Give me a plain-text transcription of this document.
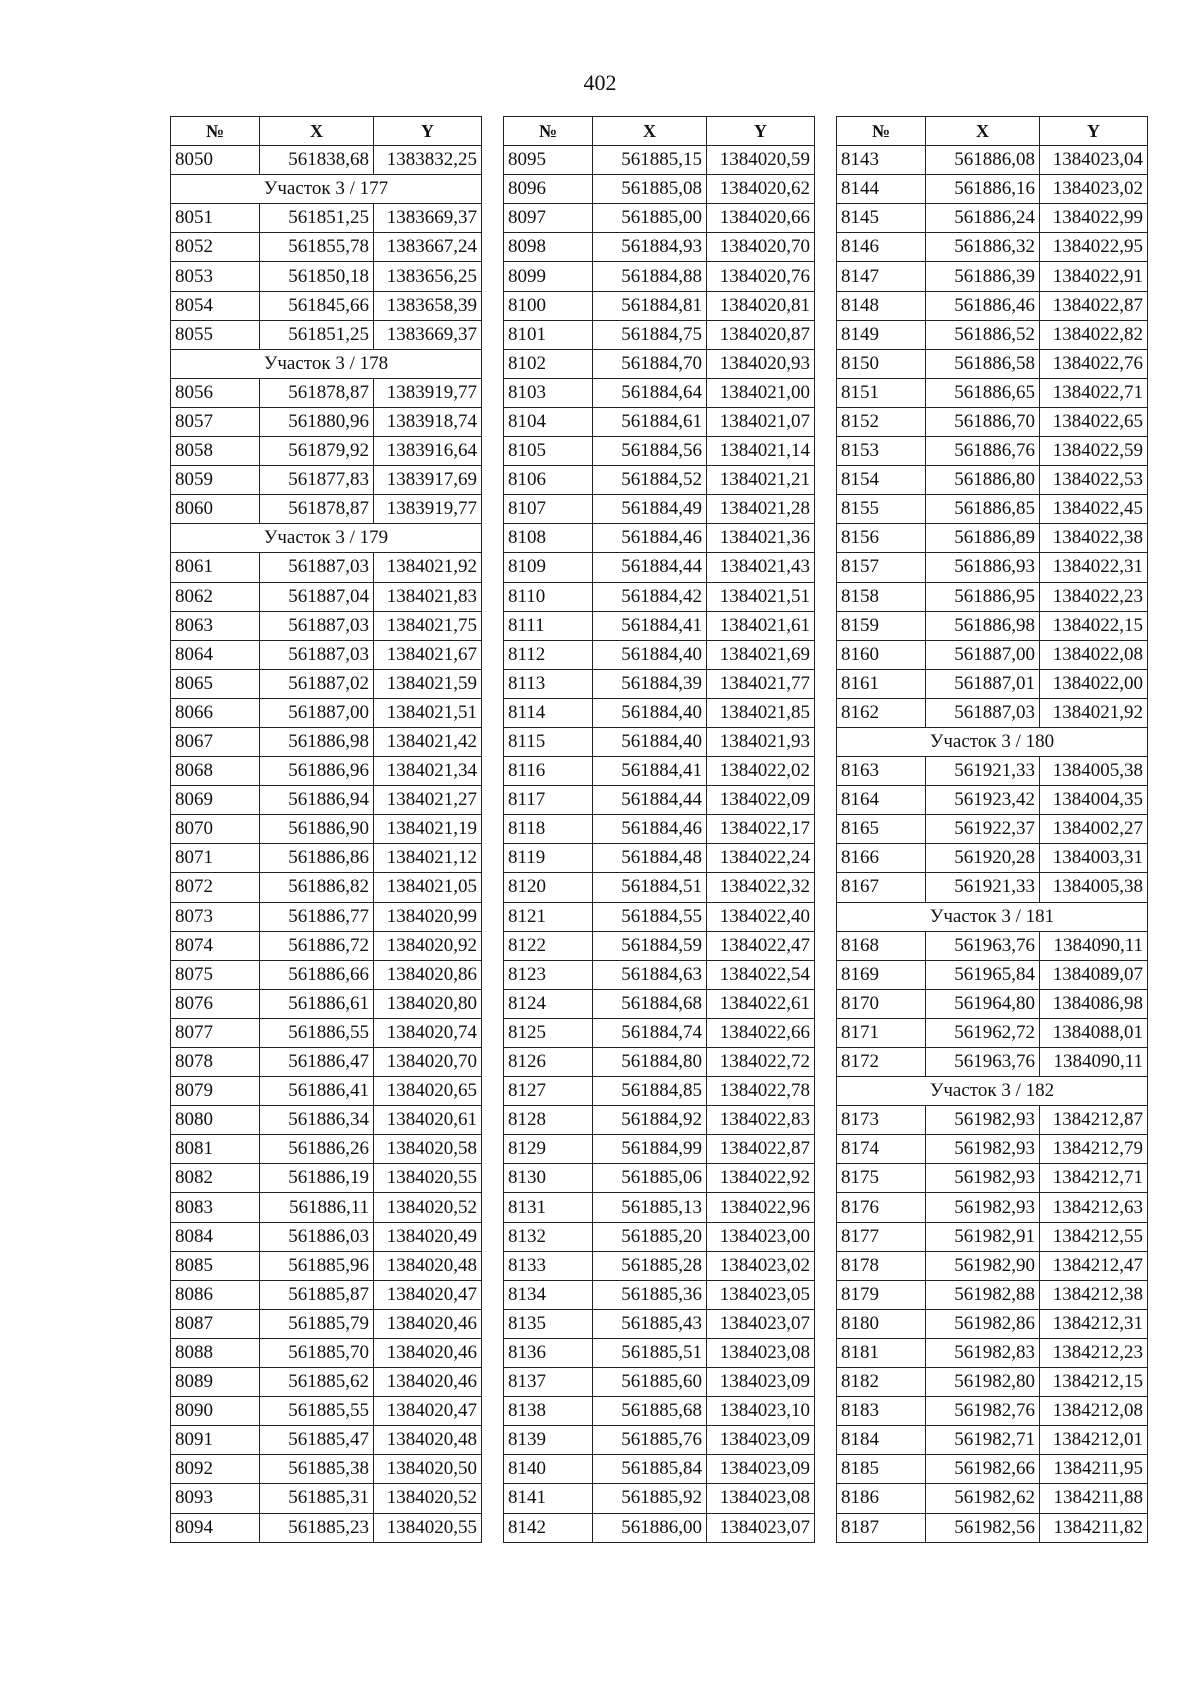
402
№	X	Y
8050	561838,68	1383832,25
Участок 3 / 177		
8051	561851,25	1383669,37
8052	561855,78	1383667,24
8053	561850,18	1383656,25
8054	561845,66	1383658,39
8055	561851,25	1383669,37
Участок 3 / 178		
8056	561878,87	1383919,77
8057	561880,96	1383918,74
8058	561879,92	1383916,64
8059	561877,83	1383917,69
8060	561878,87	1383919,77
Участок 3 / 179		
8061	561887,03	1384021,92
8062	561887,04	1384021,83
8063	561887,03	1384021,75
8064	561887,03	1384021,67
8065	561887,02	1384021,59
8066	561887,00	1384021,51
8067	561886,98	1384021,42
8068	561886,96	1384021,34
8069	561886,94	1384021,27
8070	561886,90	1384021,19
8071	561886,86	1384021,12
8072	561886,82	1384021,05
8073	561886,77	1384020,99
8074	561886,72	1384020,92
8075	561886,66	1384020,86
8076	561886,61	1384020,80
8077	561886,55	1384020,74
8078	561886,47	1384020,70
8079	561886,41	1384020,65
8080	561886,34	1384020,61
8081	561886,26	1384020,58
8082	561886,19	1384020,55
8083	561886,11	1384020,52
8084	561886,03	1384020,49
8085	561885,96	1384020,48
8086	561885,87	1384020,47
8087	561885,79	1384020,46
8088	561885,70	1384020,46
8089	561885,62	1384020,46
8090	561885,55	1384020,47
8091	561885,47	1384020,48
8092	561885,38	1384020,50
8093	561885,31	1384020,52
8094	561885,23	1384020,55
№	X	Y
8095	561885,15	1384020,59
8096	561885,08	1384020,62
8097	561885,00	1384020,66
8098	561884,93	1384020,70
8099	561884,88	1384020,76
8100	561884,81	1384020,81
8101	561884,75	1384020,87
8102	561884,70	1384020,93
8103	561884,64	1384021,00
8104	561884,61	1384021,07
8105	561884,56	1384021,14
8106	561884,52	1384021,21
8107	561884,49	1384021,28
8108	561884,46	1384021,36
8109	561884,44	1384021,43
8110	561884,42	1384021,51
8111	561884,41	1384021,61
8112	561884,40	1384021,69
8113	561884,39	1384021,77
8114	561884,40	1384021,85
8115	561884,40	1384021,93
8116	561884,41	1384022,02
8117	561884,44	1384022,09
8118	561884,46	1384022,17
8119	561884,48	1384022,24
8120	561884,51	1384022,32
8121	561884,55	1384022,40
8122	561884,59	1384022,47
8123	561884,63	1384022,54
8124	561884,68	1384022,61
8125	561884,74	1384022,66
8126	561884,80	1384022,72
8127	561884,85	1384022,78
8128	561884,92	1384022,83
8129	561884,99	1384022,87
8130	561885,06	1384022,92
8131	561885,13	1384022,96
8132	561885,20	1384023,00
8133	561885,28	1384023,02
8134	561885,36	1384023,05
8135	561885,43	1384023,07
8136	561885,51	1384023,08
8137	561885,60	1384023,09
8138	561885,68	1384023,10
8139	561885,76	1384023,09
8140	561885,84	1384023,09
8141	561885,92	1384023,08
8142	561886,00	1384023,07
№	X	Y
8143	561886,08	1384023,04
8144	561886,16	1384023,02
8145	561886,24	1384022,99
8146	561886,32	1384022,95
8147	561886,39	1384022,91
8148	561886,46	1384022,87
8149	561886,52	1384022,82
8150	561886,58	1384022,76
8151	561886,65	1384022,71
8152	561886,70	1384022,65
8153	561886,76	1384022,59
8154	561886,80	1384022,53
8155	561886,85	1384022,45
8156	561886,89	1384022,38
8157	561886,93	1384022,31
8158	561886,95	1384022,23
8159	561886,98	1384022,15
8160	561887,00	1384022,08
8161	561887,01	1384022,00
8162	561887,03	1384021,92
Участок 3 / 180		
8163	561921,33	1384005,38
8164	561923,42	1384004,35
8165	561922,37	1384002,27
8166	561920,28	1384003,31
8167	561921,33	1384005,38
Участок 3 / 181		
8168	561963,76	1384090,11
8169	561965,84	1384089,07
8170	561964,80	1384086,98
8171	561962,72	1384088,01
8172	561963,76	1384090,11
Участок 3 / 182		
8173	561982,93	1384212,87
8174	561982,93	1384212,79
8175	561982,93	1384212,71
8176	561982,93	1384212,63
8177	561982,91	1384212,55
8178	561982,90	1384212,47
8179	561982,88	1384212,38
8180	561982,86	1384212,31
8181	561982,83	1384212,23
8182	561982,80	1384212,15
8183	561982,76	1384212,08
8184	561982,71	1384212,01
8185	561982,66	1384211,95
8186	561982,62	1384211,88
8187	561982,56	1384211,82
